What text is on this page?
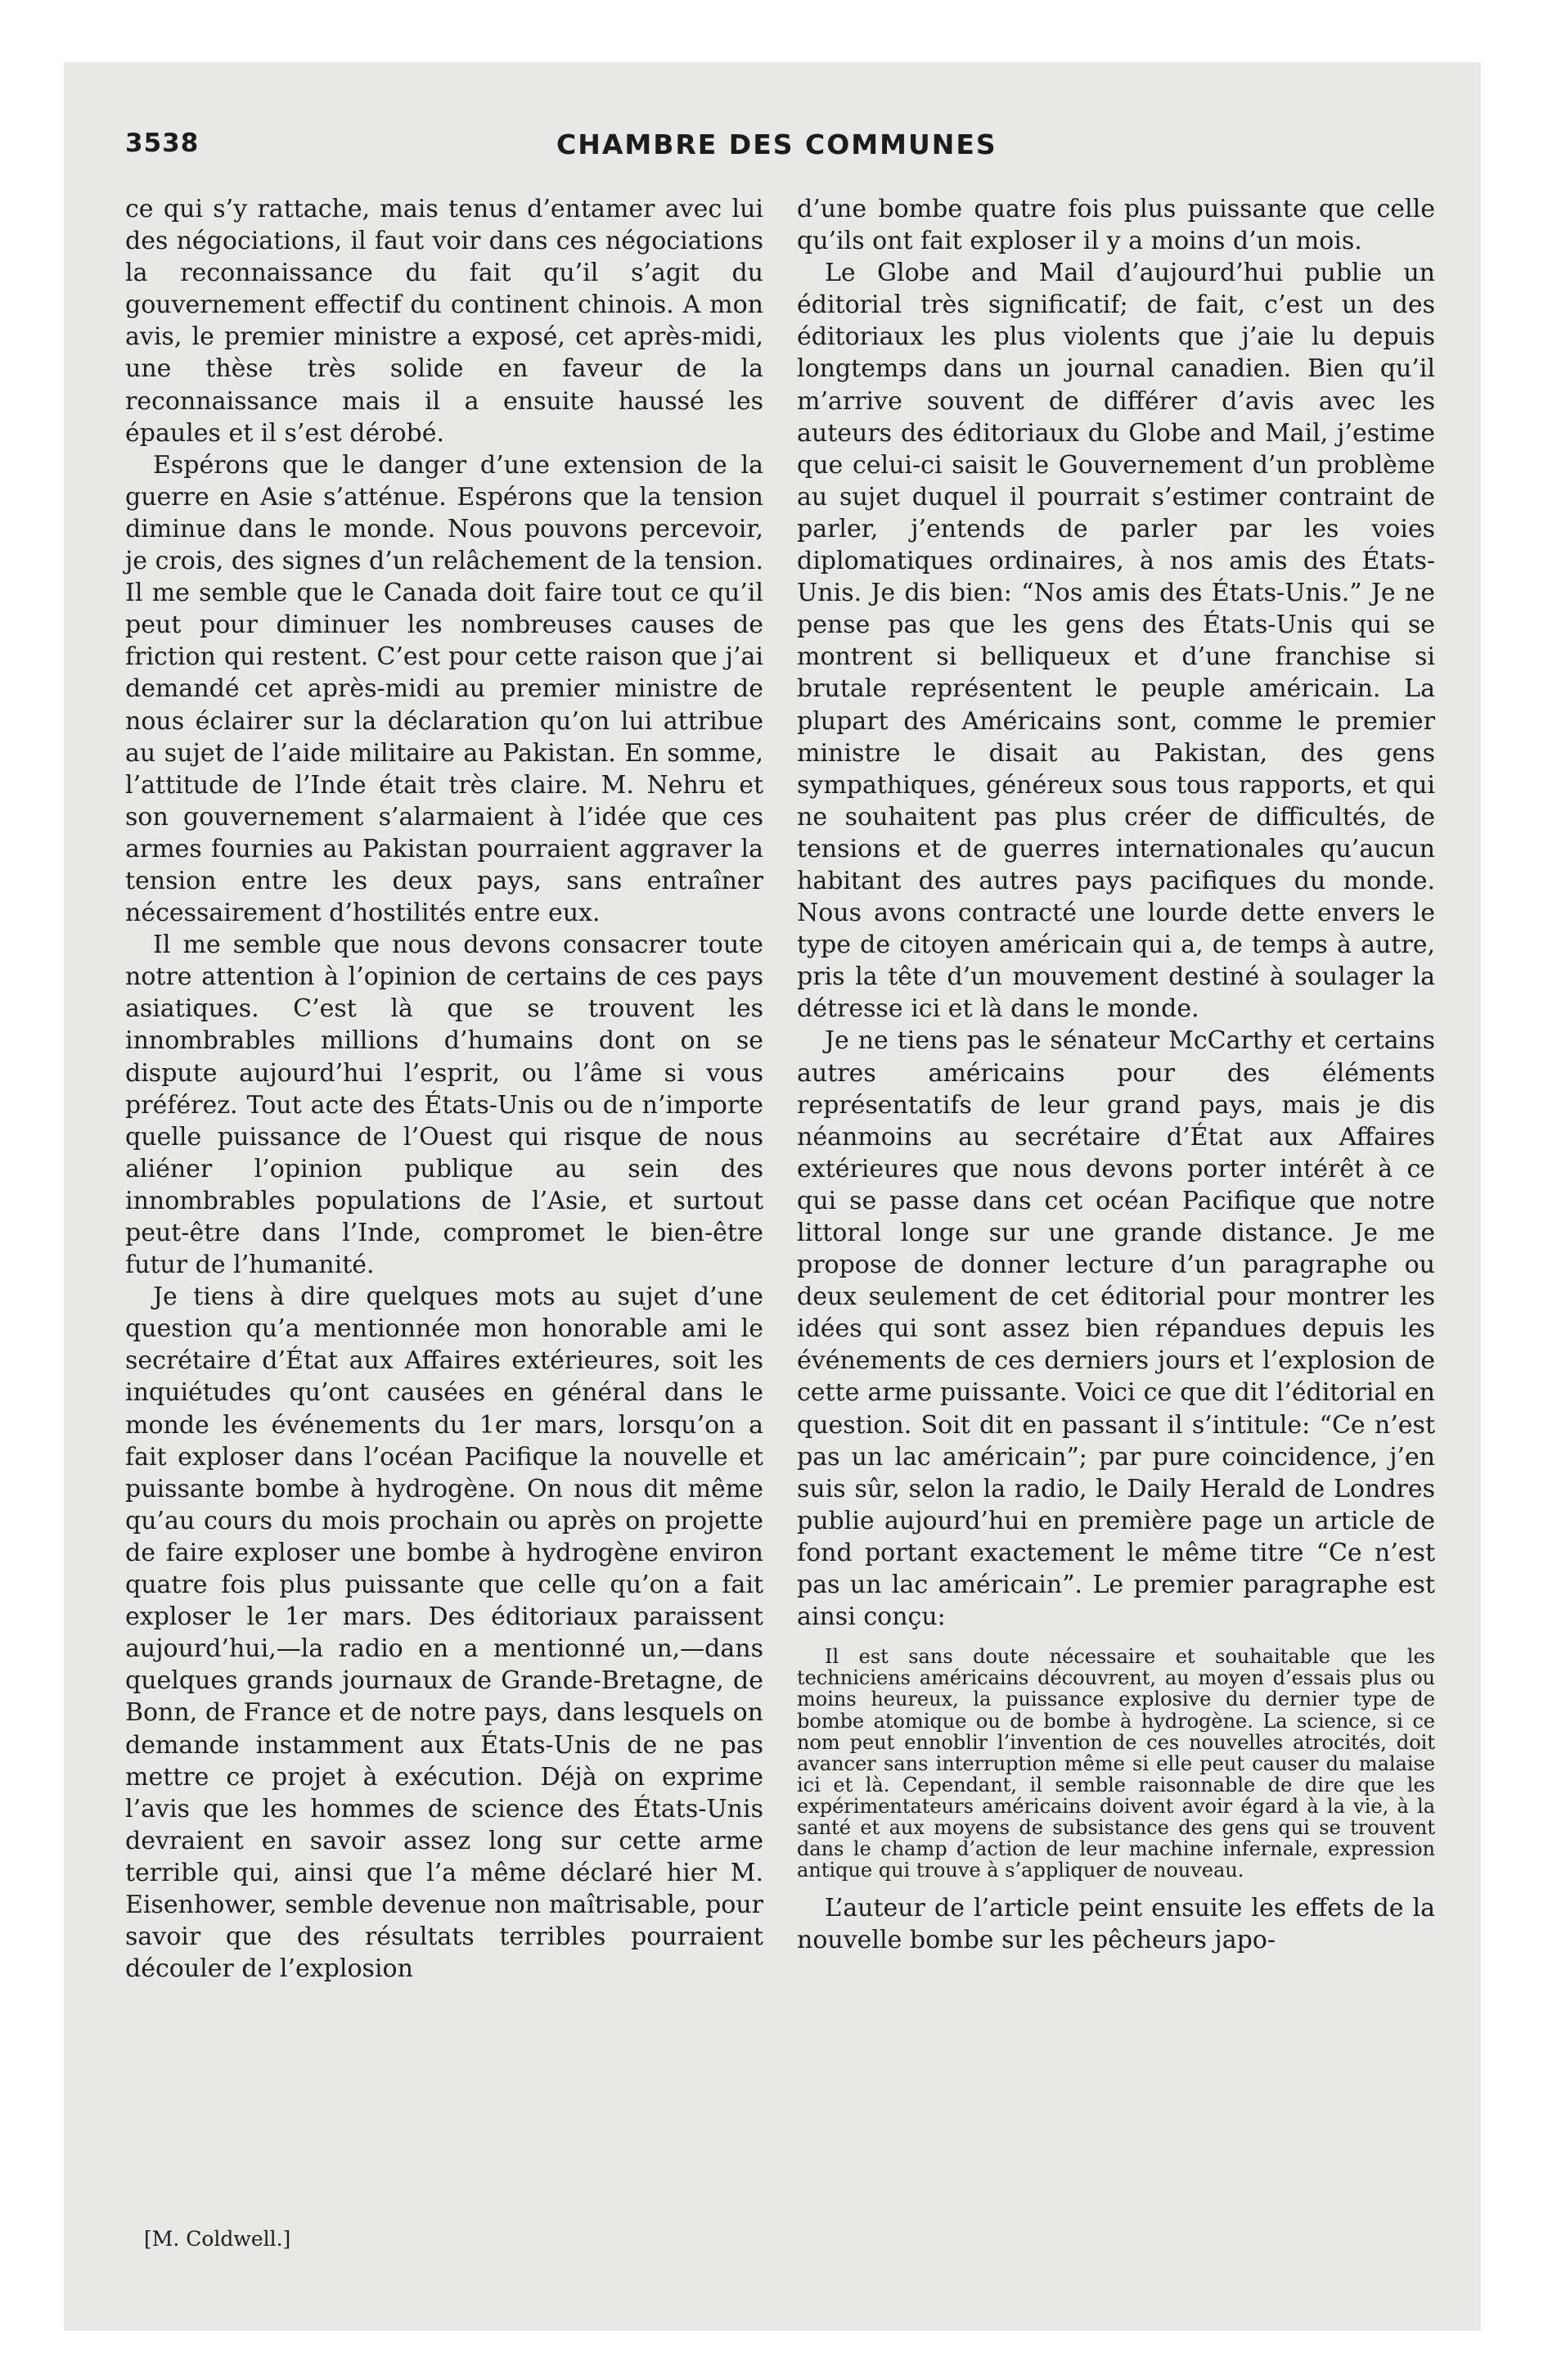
3538	CHAMBRE DES COMMUNES

ce qui s’y rattache, mais tenus d’entamer avec lui des négociations, il faut voir dans ces négociations la reconnaissance du fait qu’il s’agit du gouvernement effectif du continent chinois. A mon avis, le premier ministre a exposé, cet après-midi, une thèse très solide en faveur de la reconnaissance mais il a ensuite haussé les épaules et il s’est dérobé.

Espérons que le danger d’une extension de la guerre en Asie s’atténue. Espérons que la tension diminue dans le monde. Nous pouvons percevoir, je crois, des signes d’un relâchement de la tension. Il me semble que le Canada doit faire tout ce qu’il peut pour diminuer les nombreuses causes de friction qui restent. C’est pour cette raison que j’ai demandé cet après-midi au premier ministre de nous éclairer sur la déclaration qu’on lui attribue au sujet de l’aide militaire au Pakistan. En somme, l’attitude de l’Inde était très claire. M. Nehru et son gouvernement s’alarmaient à l’idée que ces armes fournies au Pakistan pourraient aggraver la tension entre les deux pays, sans entraîner nécessairement d’hostilités entre eux.

Il me semble que nous devons consacrer toute notre attention à l’opinion de certains de ces pays asiatiques. C’est là que se trouvent les innombrables millions d’humains dont on se dispute aujourd’hui l’esprit, ou l’âme si vous préférez. Tout acte des États-Unis ou de n’importe quelle puissance de l’Ouest qui risque de nous aliéner l’opinion publique au sein des innombrables populations de l’Asie, et surtout peut-être dans l’Inde, compromet le bien-être futur de l’humanité.

Je tiens à dire quelques mots au sujet d’une question qu’a mentionnée mon honorable ami le secrétaire d’État aux Affaires extérieures, soit les inquiétudes qu’ont causées en général dans le monde les événements du 1er mars, lorsqu’on a fait exploser dans l’océan Pacifique la nouvelle et puissante bombe à hydrogène. On nous dit même qu’au cours du mois prochain ou après on projette de faire exploser une bombe à hydrogène environ quatre fois plus puissante que celle qu’on a fait exploser le 1er mars. Des éditoriaux paraissent aujourd’hui,—la radio en a mentionné un,—dans quelques grands journaux de Grande-Bretagne, de Bonn, de France et de notre pays, dans lesquels on demande instamment aux États-Unis de ne pas mettre ce projet à exécution. Déjà on exprime l’avis que les hommes de science des États-Unis devraient en savoir assez long sur cette arme terrible qui, ainsi que l’a même déclaré hier M. Eisenhower, semble devenue non maîtrisable, pour savoir que des résultats terribles pourraient découler de l’explosion

d’une bombe quatre fois plus puissante que celle qu’ils ont fait exploser il y a moins d’un mois.

Le Globe and Mail d’aujourd’hui publie un éditorial très significatif; de fait, c’est un des éditoriaux les plus violents que j’aie lu depuis longtemps dans un journal canadien. Bien qu’il m’arrive souvent de différer d’avis avec les auteurs des éditoriaux du Globe and Mail, j’estime que celui-ci saisit le Gouvernement d’un problème au sujet duquel il pourrait s’estimer contraint de parler, j’entends de parler par les voies diplomatiques ordinaires, à nos amis des États-Unis. Je dis bien: “Nos amis des États-Unis.” Je ne pense pas que les gens des États-Unis qui se montrent si belliqueux et d’une franchise si brutale représentent le peuple américain. La plupart des Américains sont, comme le premier ministre le disait au Pakistan, des gens sympathiques, généreux sous tous rapports, et qui ne souhaitent pas plus créer de difficultés, de tensions et de guerres internationales qu’aucun habitant des autres pays pacifiques du monde. Nous avons contracté une lourde dette envers le type de citoyen américain qui a, de temps à autre, pris la tête d’un mouvement destiné à soulager la détresse ici et là dans le monde.

Je ne tiens pas le sénateur McCarthy et certains autres américains pour des éléments représentatifs de leur grand pays, mais je dis néanmoins au secrétaire d’État aux Affaires extérieures que nous devons porter intérêt à ce qui se passe dans cet océan Pacifique que notre littoral longe sur une grande distance. Je me propose de donner lecture d’un paragraphe ou deux seulement de cet éditorial pour montrer les idées qui sont assez bien répandues depuis les événements de ces derniers jours et l’explosion de cette arme puissante. Voici ce que dit l’éditorial en question. Soit dit en passant il s’intitule: “Ce n’est pas un lac américain”; par pure coincidence, j’en suis sûr, selon la radio, le Daily Herald de Londres publie aujourd’hui en première page un article de fond portant exactement le même titre “Ce n’est pas un lac américain”. Le premier paragraphe est ainsi conçu:

Il est sans doute nécessaire et souhaitable que les techniciens américains découvrent, au moyen d’essais plus ou moins heureux, la puissance explosive du dernier type de bombe atomique ou de bombe à hydrogène. La science, si ce nom peut ennoblir l’invention de ces nouvelles atrocités, doit avancer sans interruption même si elle peut causer du malaise ici et là. Cependant, il semble raisonnable de dire que les expérimentateurs américains doivent avoir égard à la vie, à la santé et aux moyens de subsistance des gens qui se trouvent dans le champ d’action de leur machine infernale, expression antique qui trouve à s’appliquer de nouveau.

L’auteur de l’article peint ensuite les effets de la nouvelle bombe sur les pêcheurs japo-

[M. Coldwell.]
